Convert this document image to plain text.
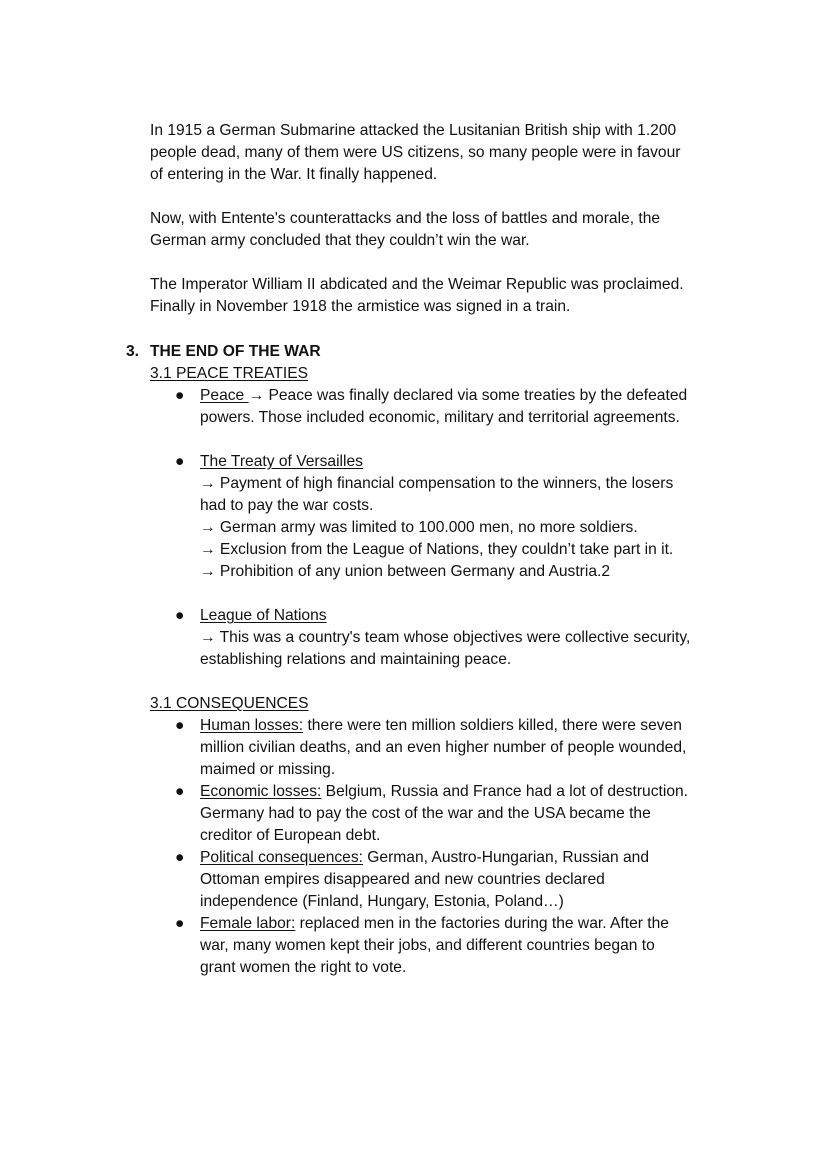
In 1915 a German Submarine attacked the Lusitanian British ship with 1.200
people dead, many of them were US citizens, so many people were in favour
of entering in the War. It finally happened.
Now, with Entente's counterattacks and the loss of battles and morale, the
German army concluded that they couldn’t win the war.
The Imperator William II abdicated and the Weimar Republic was proclaimed.
Finally in November 1918 the armistice was signed in a train.
3. THE END OF THE WAR
3.1 PEACE TREATIES
● Peace → Peace was finally declared via some treaties by the defeated
powers. Those included economic, military and territorial agreements.
● The Treaty of Versailles
→ Payment of high financial compensation to the winners, the losers
had to pay the war costs.
→ German army was limited to 100.000 men, no more soldiers.
→ Exclusion from the League of Nations, they couldn’t take part in it.
→ Prohibition of any union between Germany and Austria.2
● League of Nations
→ This was a country's team whose objectives were collective security,
establishing relations and maintaining peace.
3.1 CONSEQUENCES
● Human losses: there were ten million soldiers killed, there were seven
million civilian deaths, and an even higher number of people wounded,
maimed or missing.
● Economic losses: Belgium, Russia and France had a lot of destruction.
Germany had to pay the cost of the war and the USA became the
creditor of European debt.
● Political consequences: German, Austro-Hungarian, Russian and
Ottoman empires disappeared and new countries declared
independence (Finland, Hungary, Estonia, Poland…)
● Female labor: replaced men in the factories during the war. After the
war, many women kept their jobs, and different countries began to
grant women the right to vote.
